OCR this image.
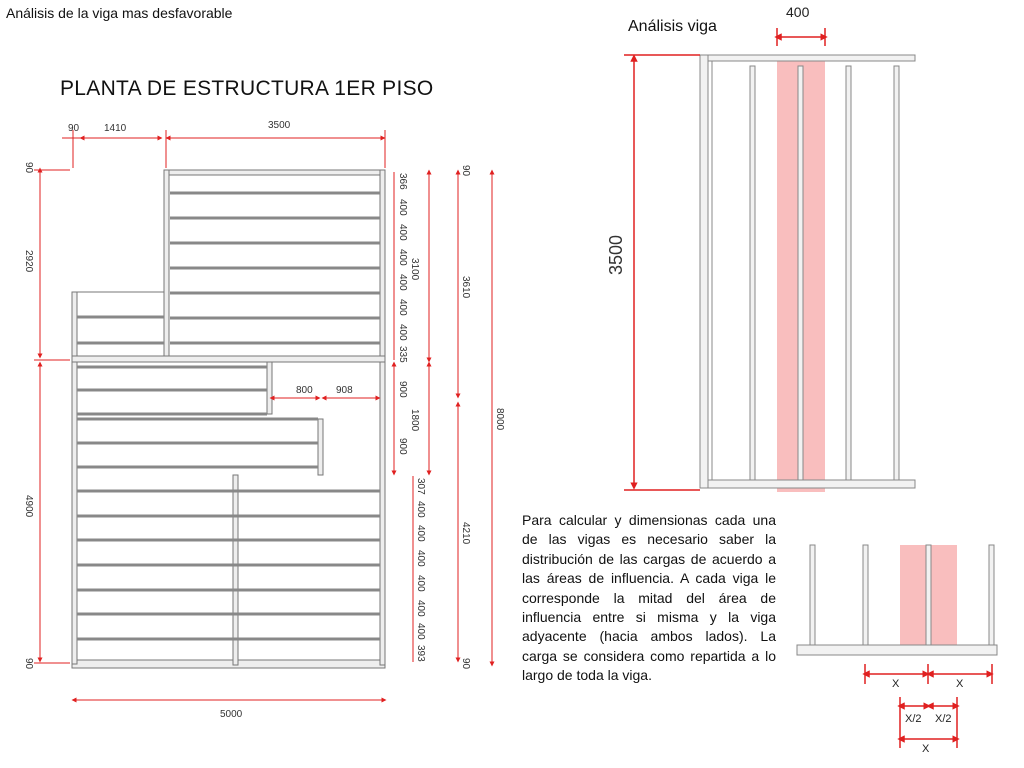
Análisis de la viga mas desfavorable
PLANTA DE ESTRUCTURA 1ER PISO
Análisis viga
Para calcular y dimensionas cada una de las vigas es necesario saber la distribución de las cargas de acuerdo a las áreas de influencia. A cada viga le corresponde la mitad del área de influencia entre si misma y la viga adyacente (hacia ambos lados). La carga se considera como repartida a lo largo de toda la viga.
90 1410	3500
5000
800 908
90
2920
4900
90
366
400
400
400
400
400
400
335
900
900
307
400
400
400
400
400
400
393
3100
1800
90
3610
4210
90
8000
400
3500
X	X
X/2 X/2
X
